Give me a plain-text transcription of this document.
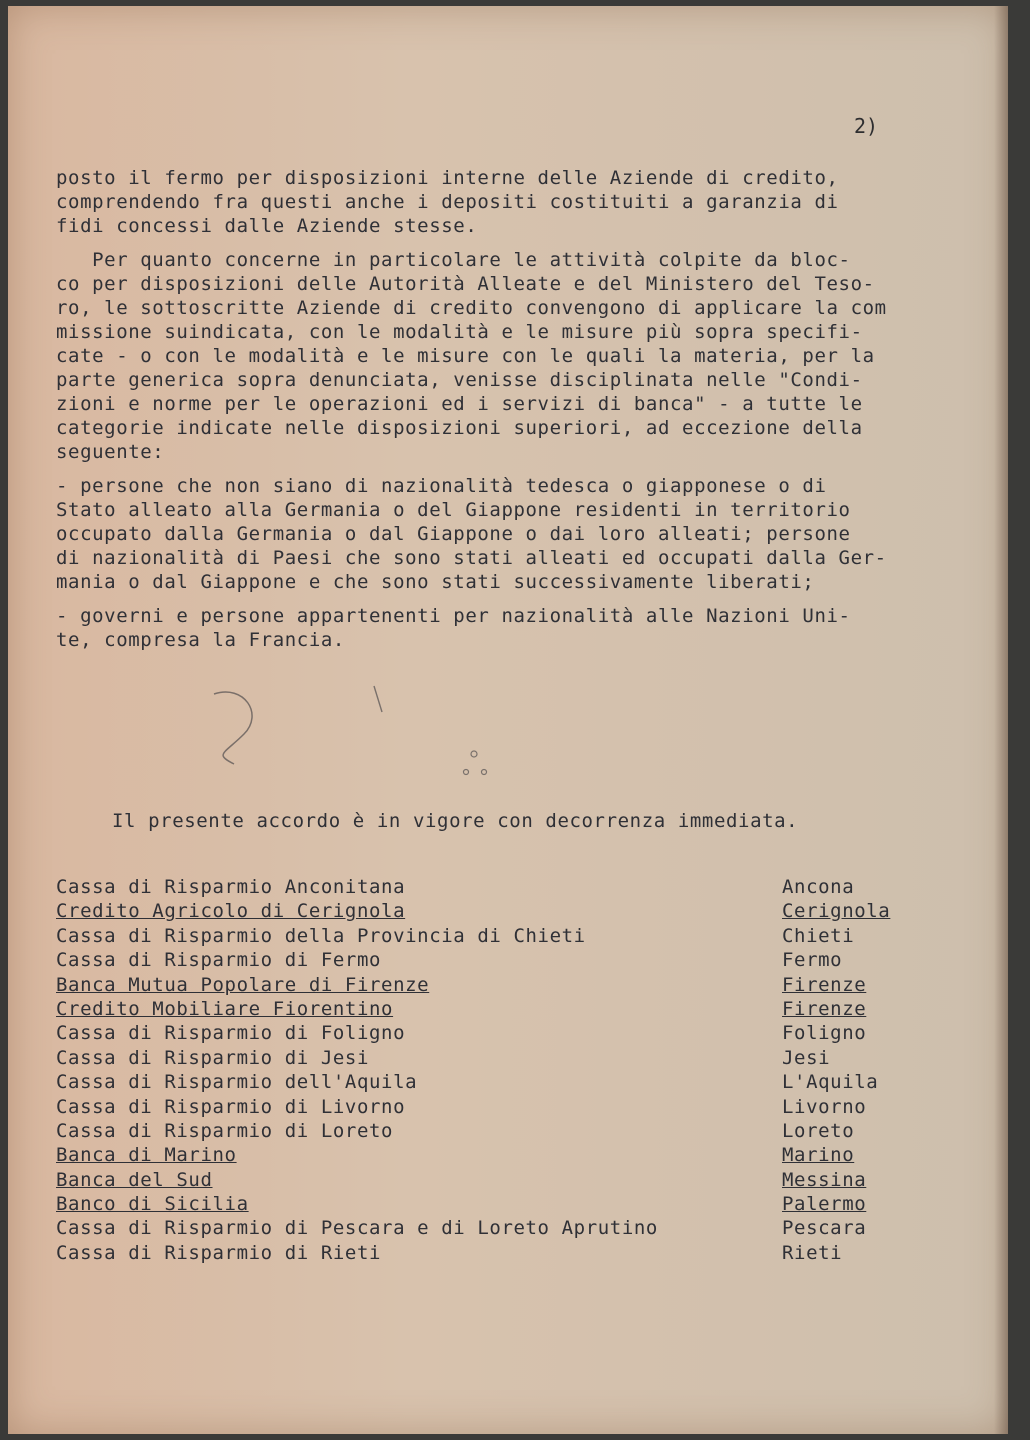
2)
posto il fermo per disposizioni interne delle Aziende di credito,
comprendendo fra questi anche i depositi costituiti a garanzia di
fidi concessi dalle Aziende stesse.
Per quanto concerne in particolare le attività colpite da bloc-
co per disposizioni delle Autorità Alleate e del Ministero del Teso-
ro, le sottoscritte Aziende di credito convengono di applicare la com
missione suindicata, con le modalità e le misure più sopra specifi-
cate - o con le modalità e le misure con le quali la materia, per la
parte generica sopra denunciata, venisse disciplinata nelle "Condi-
zioni e norme per le operazioni ed i servizi di banca" - a tutte le
categorie indicate nelle disposizioni superiori, ad eccezione della
seguente:
- persone che non siano di nazionalità tedesca o giapponese o di
Stato alleato alla Germania o del Giappone residenti in territorio
occupato dalla Germania o dal Giappone o dai loro alleati; persone
di nazionalità di Paesi che sono stati alleati ed occupati dalla Ger-
mania o dal Giappone e che sono stati successivamente liberati;
- governi e persone appartenenti per nazionalità alle Nazioni Uni-
te, compresa la Francia.
Il presente accordo è in vigore con decorrenza immediata.
Cassa di Risparmio Anconitana	Ancona
Credito Agricolo di Cerignola	Cerignola
Cassa di Risparmio della Provincia di Chieti	Chieti
Cassa di Risparmio di Fermo	Fermo
Banca Mutua Popolare di Firenze	Firenze
Credito Mobiliare Fiorentino	Firenze
Cassa di Risparmio di Foligno	Foligno
Cassa di Risparmio di Jesi	Jesi
Cassa di Risparmio dell'Aquila	L'Aquila
Cassa di Risparmio di Livorno	Livorno
Cassa di Risparmio di Loreto	Loreto
Banca di Marino	Marino
Banca del Sud	Messina
Banco di Sicilia	Palermo
Cassa di Risparmio di Pescara e di Loreto Aprutino	Pescara
Cassa di Risparmio di Rieti	Rieti
